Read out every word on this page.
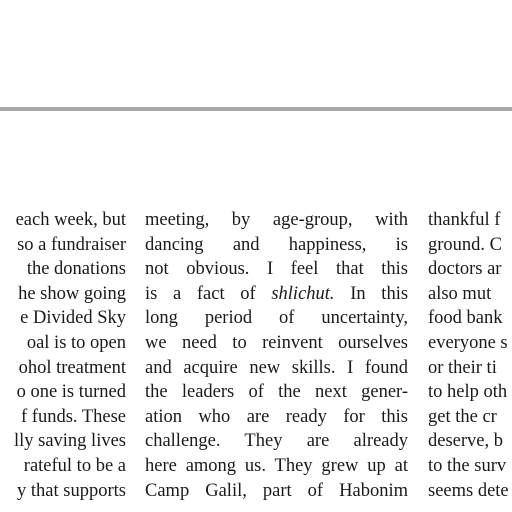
each week, but
so a fundraiser
the donations
he show going
e Divided Sky
oal is to open
ohol treatment
o one is turned
f funds. These
lly saving lives
rateful to be a
y that supports
meeting, by age-group, with
dancing and happiness, is
not obvious. I feel that this
is a fact of shlichut. In this
long period of uncertainty,
we need to reinvent ourselves
and acquire new skills. I found
the leaders of the next gener-
ation who are ready for this
challenge. They are already
here among us. They grew up at
Camp Galil, part of Habonim
thankful f
ground. C
doctors ar
also mut
food bank
everyone s
or their ti
to help oth
get the cr
deserve, b
to the surv
seems dete
